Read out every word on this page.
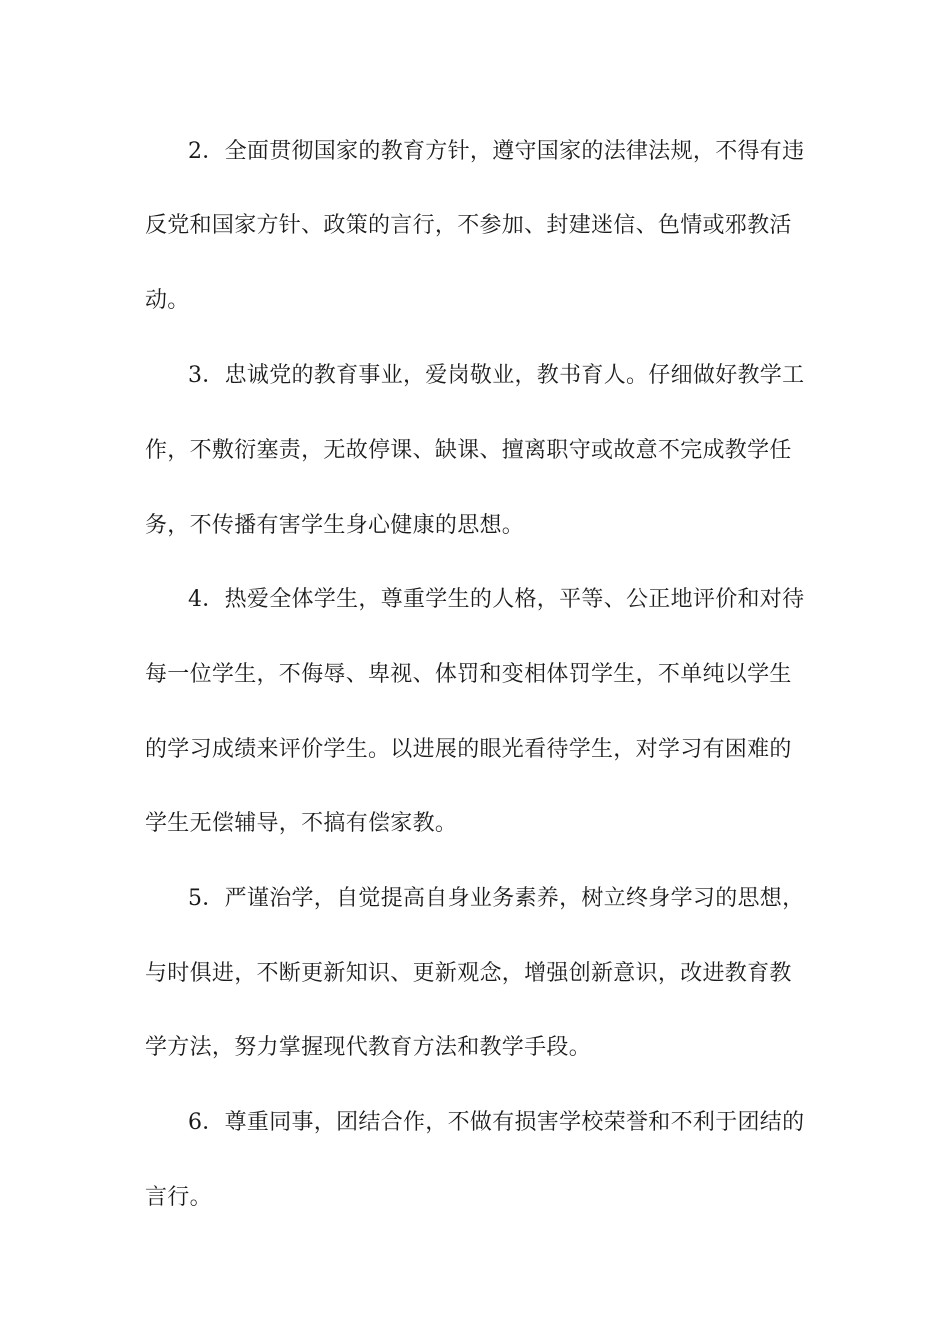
2．全面贯彻国家的教育方针，遵守国家的法律法规，不得有违
反党和国家方针、政策的言行，不参加、封建迷信、色情或邪教活
动。
3．忠诚党的教育事业，爱岗敬业，教书育人。仔细做好教学工
作，不敷衍塞责，无故停课、缺课、擅离职守或故意不完成教学任
务，不传播有害学生身心健康的思想。
4．热爱全体学生，尊重学生的人格，平等、公正地评价和对待
每一位学生，不侮辱、卑视、体罚和变相体罚学生，不单纯以学生
的学习成绩来评价学生。以进展的眼光看待学生，对学习有困难的
学生无偿辅导，不搞有偿家教。
5．严谨治学，自觉提高自身业务素养，树立终身学习的思想，
与时俱进，不断更新知识、更新观念，增强创新意识，改进教育教
学方法，努力掌握现代教育方法和教学手段。
6．尊重同事，团结合作，不做有损害学校荣誉和不利于团结的
言行。
